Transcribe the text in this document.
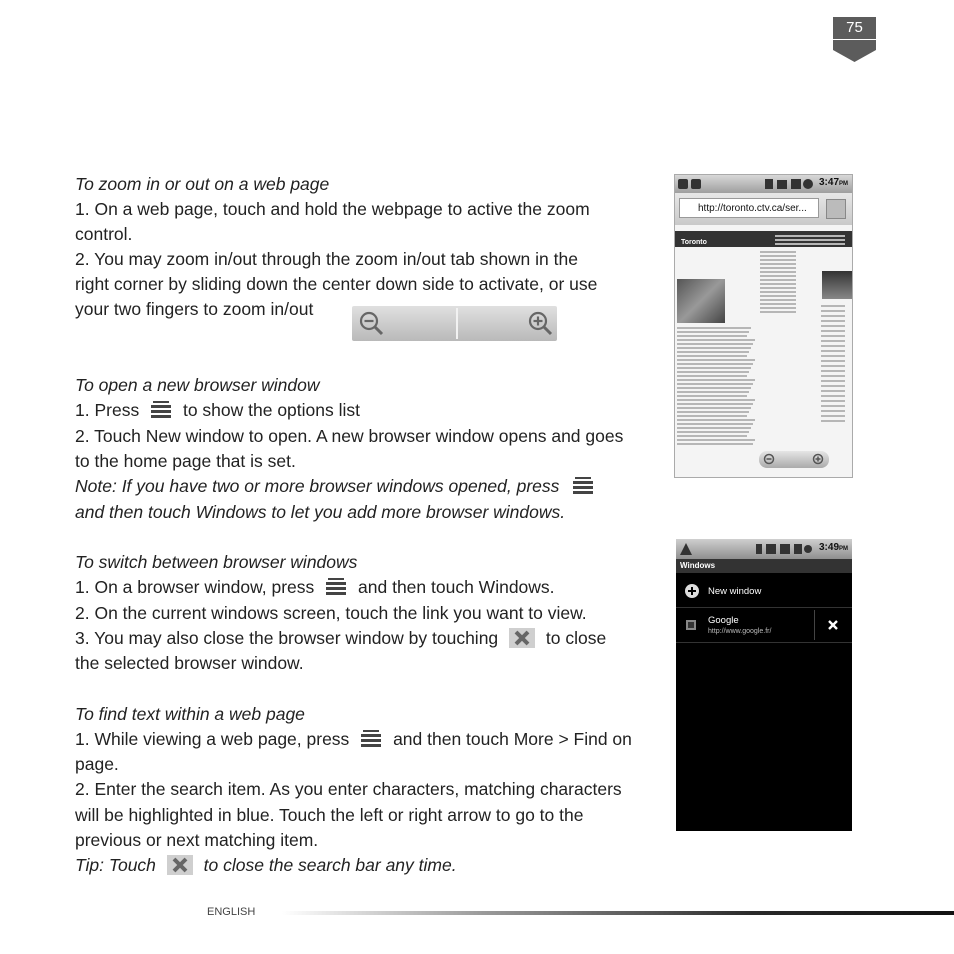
75
To zoom in or out on a web page
1. On a web page, touch and hold the webpage to active the zoom
control.
2. You may zoom in/out through the zoom in/out tab shown in the
right corner by sliding down the center down side to activate, or use
your two fingers to zoom in/out
To open a new browser window
1. Press	to show the options list
2. Touch New window to open. A new browser window opens and goes
to the home page that is set.
Note: If you have two or more browser windows opened, press
and then touch Windows to let you add more browser windows.
To switch between browser windows
1. On a browser window, press	and then touch Windows.
2. On the current windows screen, touch the link you want to view.
3. You may also close the browser window by touching	to close
the selected browser window.
To find text within a web page
1. While viewing a web page, press	and then touch More > Find on
page.
2. Enter the search item. As you enter characters, matching characters
will be highlighted in blue. Touch the left or right arrow to go to the
previous or next matching item.
Tip: Touch	to close the search bar any time.
3:47PM
http://toronto.ctv.ca/ser...
Toronto
3:49PM
Windows
New window
Google
http://www.google.fr/
ENGLISH
